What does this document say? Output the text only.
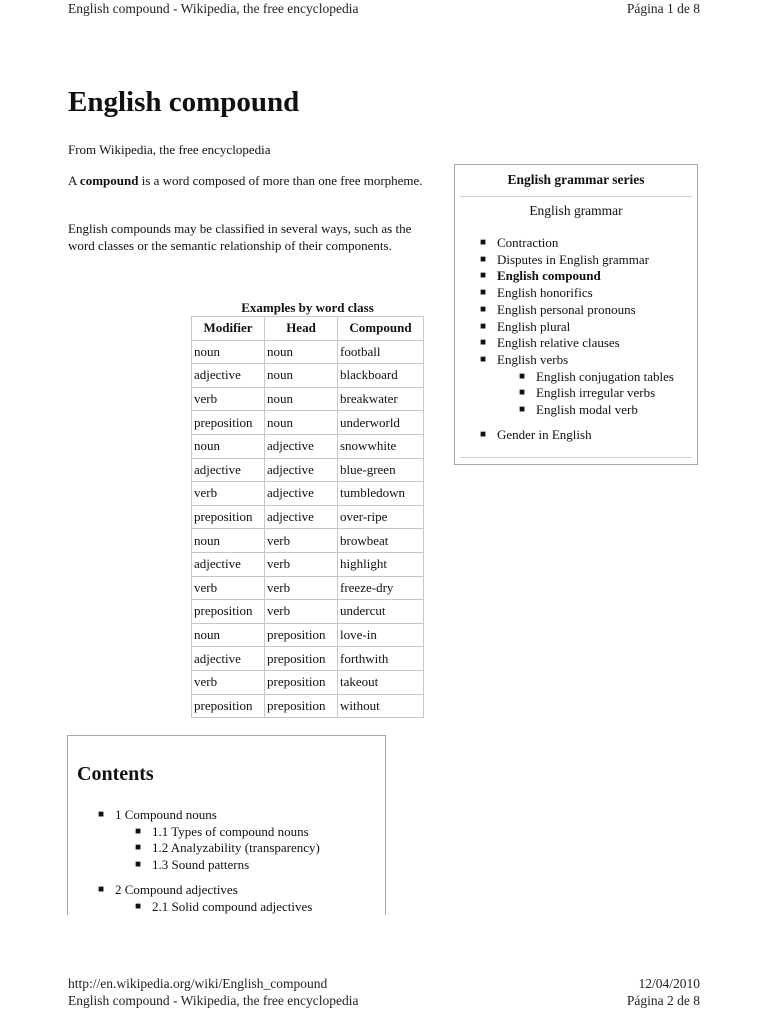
English compound - Wikipedia, the free encyclopedia	Página 1 de 8
English compound
From Wikipedia, the free encyclopedia
A compound is a word composed of more than one free morpheme.
English compounds may be classified in several ways, such as the word classes or the semantic relationship of their components.
Examples by word class
Modifier	Head	Compound
noun	noun	football
adjective	noun	blackboard
verb	noun	breakwater
preposition	noun	underworld
noun	adjective	snowwhite
adjective	adjective	blue-green
verb	adjective	tumbledown
preposition	adjective	over-ripe
noun	verb	browbeat
adjective	verb	highlight
verb	verb	freeze-dry
preposition	verb	undercut
noun	preposition	love-in
adjective	preposition	forthwith
verb	preposition	takeout
preposition	preposition	without
English grammar series
English grammar
■ Contraction
■ Disputes in English grammar
■ English compound
■ English honorifics
■ English personal pronouns
■ English plural
■ English relative clauses
■ English verbs
■ English conjugation tables
■ English irregular verbs
■ English modal verb
■ Gender in English
Contents
■ 1 Compound nouns
■ 1.1 Types of compound nouns
■ 1.2 Analyzability (transparency)
■ 1.3 Sound patterns
■ 2 Compound adjectives
■ 2.1 Solid compound adjectives
http://en.wikipedia.org/wiki/English_compound	12/04/2010
English compound - Wikipedia, the free encyclopedia	Página 2 de 8
